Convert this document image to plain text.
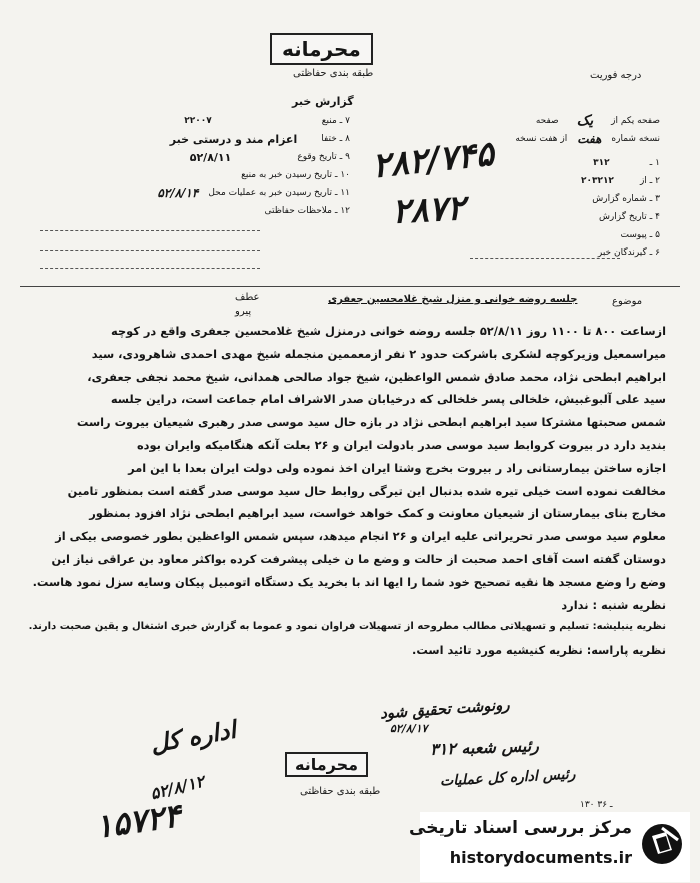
محرمانه
طبقه بندی حفاظتی	درجه فوریت
گزارش خبر
صفحه یکم از
یک
صفحه
نسخه شماره
هفت
از هفت نسخه
۱ ـ
۳۱۲
۲ ـ از
۲۰۳۲۱۲
۳ ـ شماره گزارش
۴ ـ تاریخ گزارش
۵ ـ پیوست
۶ ـ گیرندگان خبر
۷ ـ منبع
۲۲۰۰۷
۸ ـ ختفا
اعزام مند و درستی خبر
۹ ـ تاریخ وقوع
۵۲/۸/۱۱
۱۰ ـ تاریخ رسیدن خبر به منبع
۱۱ ـ تاریخ رسیدن خبر به عملیات محل
۵۲/۸/۱۴
۱۲ ـ ملاحظات حفاظتی
۲۸۲/۷۴۵
۲۸۷۲
عطف
پیرو
موضوع
جلسه روضه خوانی و منزل شیخ غلامحسین جعفری

ازساعت ۸۰۰ تا ۱۱۰۰ روز ۵۲/۸/۱۱ جلسه روضه خوانی درمنزل شیخ غلامحسین جعفری واقع در کوچه

میراسمعیل وزیرکوچه لشکری باشرکت حدود ۲ نفر ازمعممین منجمله شیخ مهدی احمدی شاهرودی، سید

ابراهیم ابطحی نژاد، محمد صادق شمس الواعظین، شیخ جواد صالحی همدانی، شیخ محمد نجفی جعفری،

سید علی آلبوغبیش، خلخالی پسر خلخالی که درخیابان صدر الاشراف امام جماعت است، دراین جلسه

شمس صحبتها مشترکا سید ابراهیم ابطحی نژاد در بازه حال سید موسی صدر رهبری شیعیان بیروت راست

بندید دارد در بیروت کروابط سید موسی صدر بادولت ایران و ۲۶ بعلت آنکه هنگامیکه وایران بوده

اجازه ساختن بیمارستانی راد ر بیروت بخرج وشتا ایران اخذ نموده ولی دولت ایران بعدا با این امر

مخالفت نموده است خیلی تیره شده بدنبال این تیرگی روابط حال سید موسی صدر گفته است بمنظور تامین

مخارج بنای بیمارستان از شیعیان معاونت و کمک خواهد خواست، سید ابراهیم ابطحی نژاد افزود بمنظور

معلوم سید موسی صدر تحریراتی علیه ایران و ۲۶ انجام میدهد، سپس شمس الواعظین بطور خصوصی بیکی از

دوستان گفته است آقای احمد صحبت از حالت و وضع ما ن خیلی پیشرفت کرده بواکثر معاود بن عراقی نیاز این

وضع را وضع مسجد ها نقیه تصحیح خود شما را ایها اند با بخرید یک دستگاه اتومبیل پیکان وسایه سزل نمود هاست.

نظریه شنبه : ندارد

نظریه ینبلیشه: تسلیم و تسهیلاتی مطالب مطروحه از تسهیلات فراوان نمود و عموما به گزارش خبری اشتغال و یقین صحبت دارند.

نظریه پاراسه: نظریه کنیشیه مورد تائید است.

رونوشت تحقیق شود
۵۲/۸/۱۷
رئیس شعبه ۳۱۲
رئیس اداره کل عملیات
اداره کل
۵۲/۸/۱۲
۱۵۷۲۴	۱۳۰ ـ ۳۶
محرمانه
طبقه بندی حفاظتی
مرکز بررسی اسناد تاریخی
historydocuments.ir
